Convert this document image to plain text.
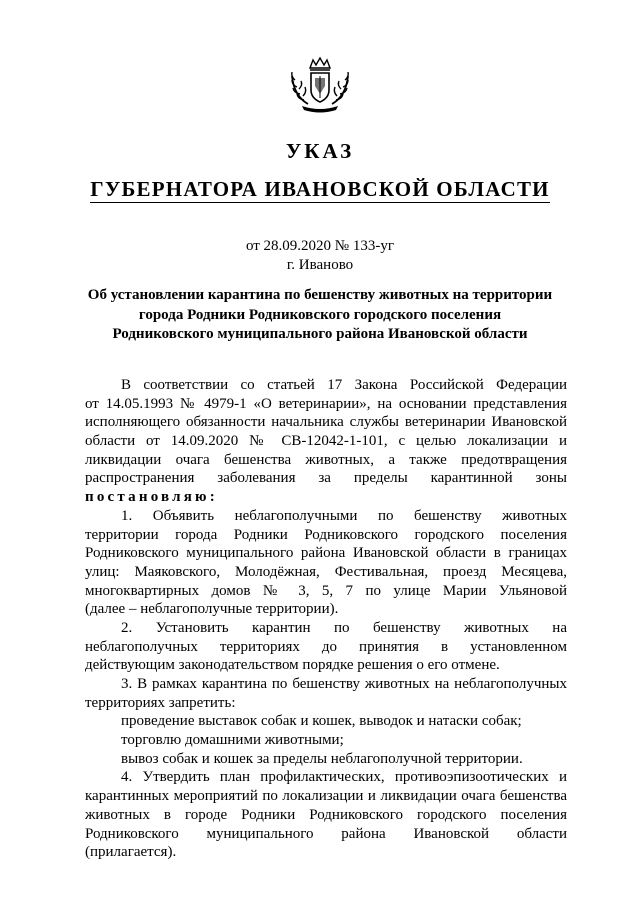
УКАЗ
ГУБЕРНАТОРА ИВАНОВСКОЙ ОБЛАСТИ
от 28.09.2020 № 133-уг
г. Иваново
Об установлении карантина по бешенству животных на территории
города Родники Родниковского городского поселения
Родниковского муниципального района Ивановской области
В соответствии со статьей 17 Закона Российской Федерации
от 14.05.1993 № 4979-1 «О ветеринарии», на основании представления
исполняющего обязанности начальника службы ветеринарии Ивановской
области от 14.09.2020 № СВ-12042-1-101, с целью локализации и
ликвидации очага бешенства животных, а также предотвращения
распространения заболевания за пределы карантинной зоны
постановляю:
1. Объявить неблагополучными по бешенству животных
территории города Родники Родниковского городского поселения
Родниковского муниципального района Ивановской области в границах
улиц: Маяковского, Молодёжная, Фестивальная, проезд Месяцева,
многоквартирных домов № 3, 5, 7 по улице Марии Ульяновой
(далее – неблагополучные территории).
2. Установить карантин по бешенству животных на
неблагополучных территориях до принятия в установленном
действующим законодательством порядке решения о его отмене.
3. В рамках карантина по бешенству животных на неблагополучных
территориях запретить:
проведение выставок собак и кошек, выводок и натаски собак;
торговлю домашними животными;
вывоз собак и кошек за пределы неблагополучной территории.
4. Утвердить план профилактических, противоэпизоотических и
карантинных мероприятий по локализации и ликвидации очага бешенства
животных в городе Родники Родниковского городского поселения
Родниковского муниципального района Ивановской области
(прилагается).
